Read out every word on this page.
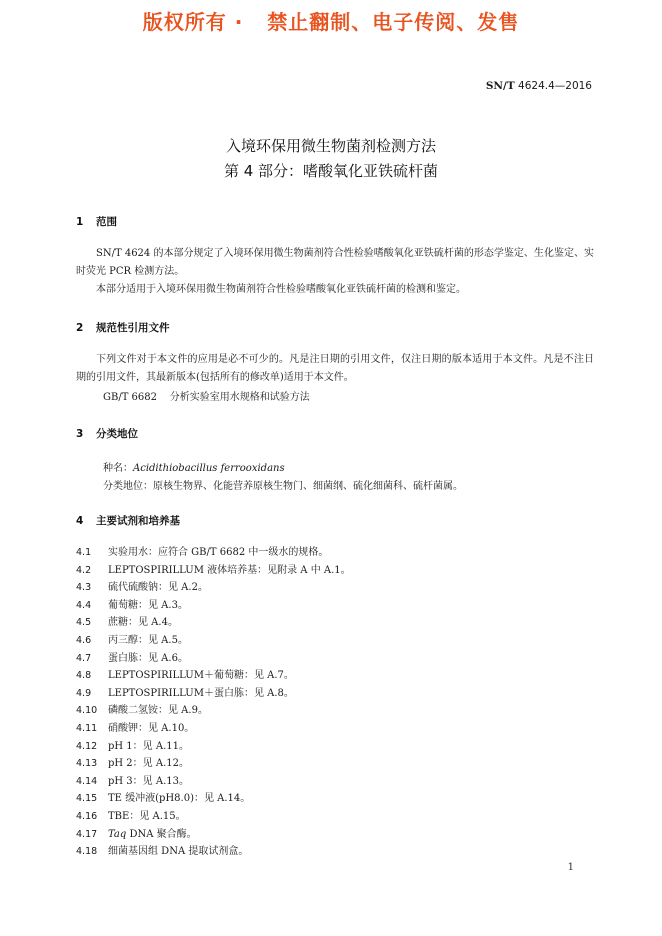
版权所有 ·   禁止翻制、电子传阅、发售
SN/T 4624.4—2016
入境环保用微生物菌剂检测方法
第 4 部分：嗜酸氧化亚铁硫杆菌
1 范围
SN/T 4624 的本部分规定了入境环保用微生物菌剂符合性检验嗜酸氧化亚铁硫杆菌的形态学鉴定、生化鉴定、实时荧光 PCR 检测方法。
本部分适用于入境环保用微生物菌剂符合性检验嗜酸氧化亚铁硫杆菌的检测和鉴定。
2 规范性引用文件
下列文件对于本文件的应用是必不可少的。凡是注日期的引用文件，仅注日期的版本适用于本文件。凡是不注日期的引用文件，其最新版本(包括所有的修改单)适用于本文件。
GB/T 6682 分析实验室用水规格和试验方法
3 分类地位
种名：Acidithiobacillus ferrooxidans
分类地位：原核生物界、化能营养原核生物门、细菌纲、硫化细菌科、硫杆菌属。
4 主要试剂和培养基
4.1 实验用水：应符合 GB/T 6682 中一级水的规格。
4.2 LEPTOSPIRILLUM 液体培养基：见附录 A 中 A.1。
4.3 硫代硫酸钠：见 A.2。
4.4 葡萄糖：见 A.3。
4.5 蔗糖：见 A.4。
4.6 丙三醇：见 A.5。
4.7 蛋白胨：见 A.6。
4.8 LEPTOSPIRILLUM＋葡萄糖：见 A.7。
4.9 LEPTOSPIRILLUM＋蛋白胨：见 A.8。
4.10 磷酸二氢铵：见 A.9。
4.11 硝酸钾：见 A.10。
4.12 pH 1：见 A.11。
4.13 pH 2：见 A.12。
4.14 pH 3：见 A.13。
4.15 TE 缓冲液(pH8.0)：见 A.14。
4.16 TBE：见 A.15。
4.17 Taq DNA 聚合酶。
4.18 细菌基因组 DNA 提取试剂盒。
1
